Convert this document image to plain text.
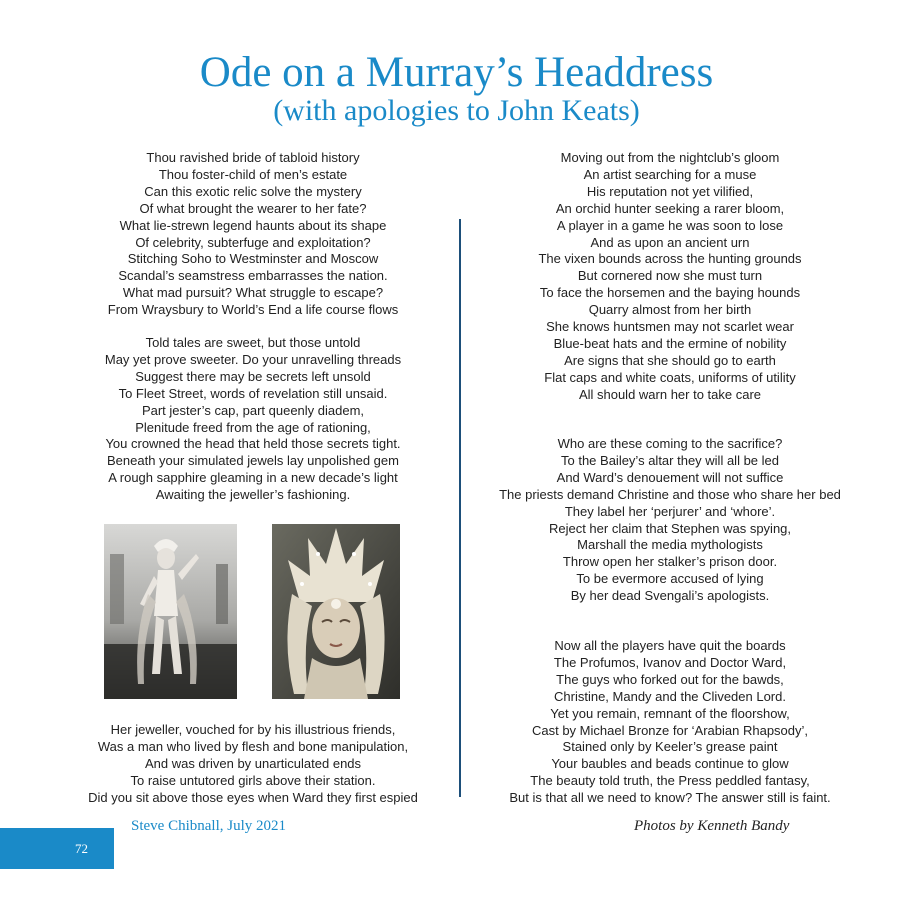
Ode on a Murray’s Headdress
(with apologies to John Keats)
Thou ravished bride of tabloid history
Thou foster-child of men’s estate
Can this exotic relic solve the mystery
Of what brought the wearer to her fate?
What lie-strewn legend haunts about its shape
Of celebrity, subterfuge and exploitation?
Stitching Soho to Westminster and Moscow
Scandal’s seamstress embarrasses the nation.
What mad pursuit? What struggle to escape?
From Wraysbury to World’s End a life course flows
Told tales are sweet, but those untold
May yet prove sweeter. Do your unravelling threads
Suggest there may be secrets left unsold
To Fleet Street, words of revelation still unsaid.
Part jester’s cap, part queenly diadem,
Plenitude freed from the age of rationing,
You crowned the head that held those secrets tight.
Beneath your simulated jewels lay unpolished gem
A rough sapphire gleaming in a new decade’s light
Awaiting the jeweller’s fashioning.
Her jeweller, vouched for by his illustrious friends,
Was a man who lived by flesh and bone manipulation,
And was driven by unarticulated ends
To raise untutored girls above their station.
Did you sit above those eyes when Ward they first espied
Moving out from the nightclub’s gloom
An artist searching for a muse
His reputation not yet vilified,
An orchid hunter seeking a rarer bloom,
A player in a game he was soon to lose
And as upon an ancient urn
The vixen bounds across the hunting grounds
But cornered now she must turn
To face the horsemen and the baying hounds
Quarry almost from her birth
She knows huntsmen may not scarlet wear
Blue-beat hats and the ermine of nobility
Are signs that she should go to earth
Flat caps and white coats, uniforms of utility
All should warn her to take care
Who are these coming to the sacrifice?
To the Bailey’s altar they will all be led
And Ward’s denouement will not suffice
The priests demand Christine and those who share her bed
They label her ‘perjurer’ and ‘whore’.
Reject her claim that Stephen was spying,
Marshall the media mythologists
Throw open her stalker’s prison door.
To be evermore accused of lying
By her dead Svengali’s apologists.
Now all the players have quit the boards
The Profumos, Ivanov and Doctor Ward,
The guys who forked out for the bawds,
Christine, Mandy and the Cliveden Lord.
Yet you remain, remnant of the floorshow,
Cast by Michael Bronze for ‘Arabian Rhapsody’,
Stained only by Keeler’s grease paint
Your baubles and beads continue to glow
The beauty told truth, the Press peddled fantasy,
But is that all we need to know? The answer still is faint.
Steve Chibnall, July 2021	Photos by Kenneth Bandy
72
